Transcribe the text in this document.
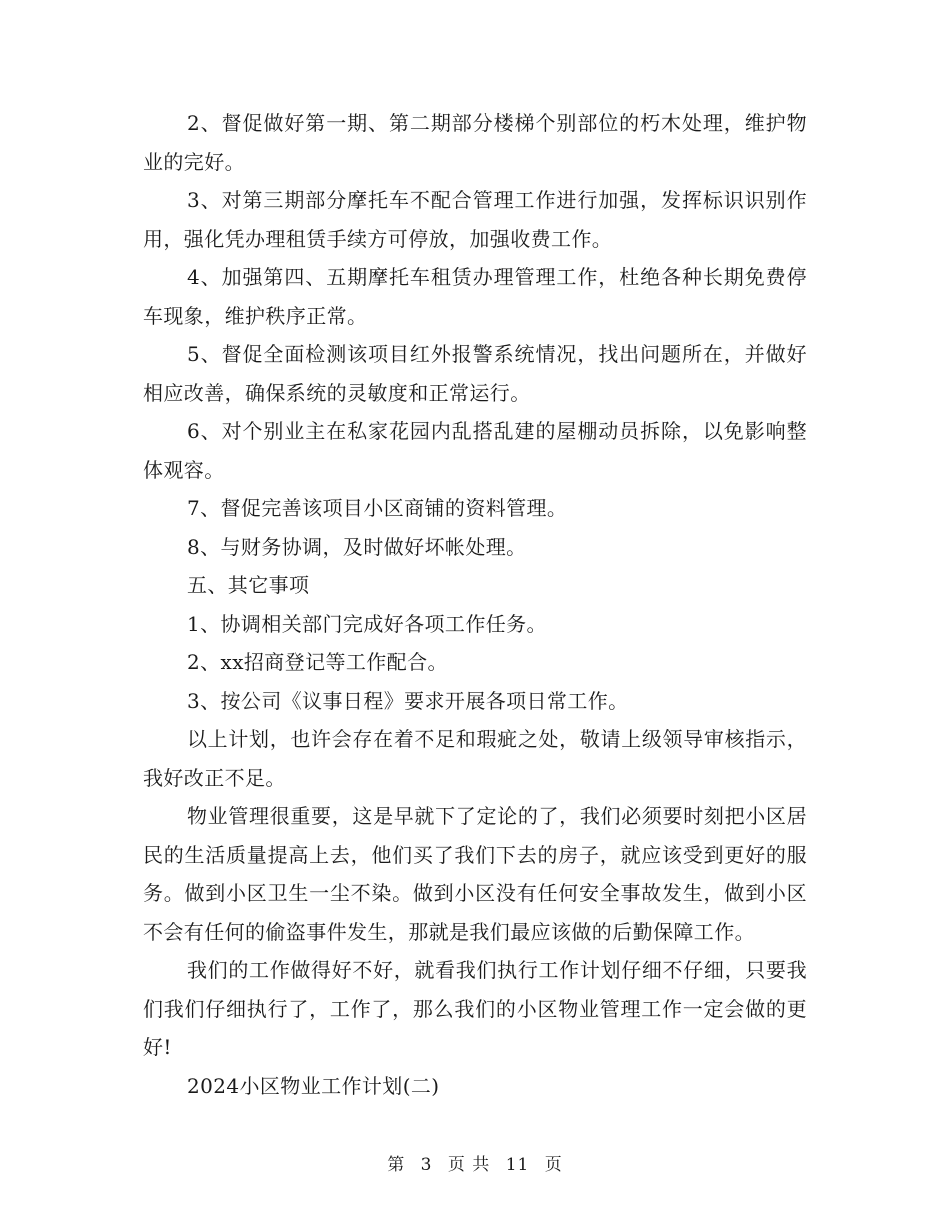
2、督促做好第一期、第二期部分楼梯个别部位的朽木处理，维护物业的完好。

3、对第三期部分摩托车不配合管理工作进行加强，发挥标识识别作用，强化凭办理租赁手续方可停放，加强收费工作。

4、加强第四、五期摩托车租赁办理管理工作，杜绝各种长期免费停车现象，维护秩序正常。

5、督促全面检测该项目红外报警系统情况，找出问题所在，并做好相应改善，确保系统的灵敏度和正常运行。

6、对个别业主在私家花园内乱搭乱建的屋棚动员拆除，以免影响整体观容。

7、督促完善该项目小区商铺的资料管理。

8、与财务协调，及时做好坏帐处理。

五、其它事项

1、协调相关部门完成好各项工作任务。

2、xx招商登记等工作配合。

3、按公司《议事日程》要求开展各项日常工作。

以上计划，也许会存在着不足和瑕疵之处，敬请上级领导审核指示，我好改正不足。

物业管理很重要，这是早就下了定论的了，我们必须要时刻把小区居民的生活质量提高上去，他们买了我们下去的房子，就应该受到更好的服务。做到小区卫生一尘不染。做到小区没有任何安全事故发生，做到小区不会有任何的偷盗事件发生，那就是我们最应该做的后勤保障工作。

我们的工作做得好不好，就看我们执行工作计划仔细不仔细，只要我们我们仔细执行了，工作了，那么我们的小区物业管理工作一定会做的更好!

2024小区物业工作计划(二)

第 3 页 共 11 页
